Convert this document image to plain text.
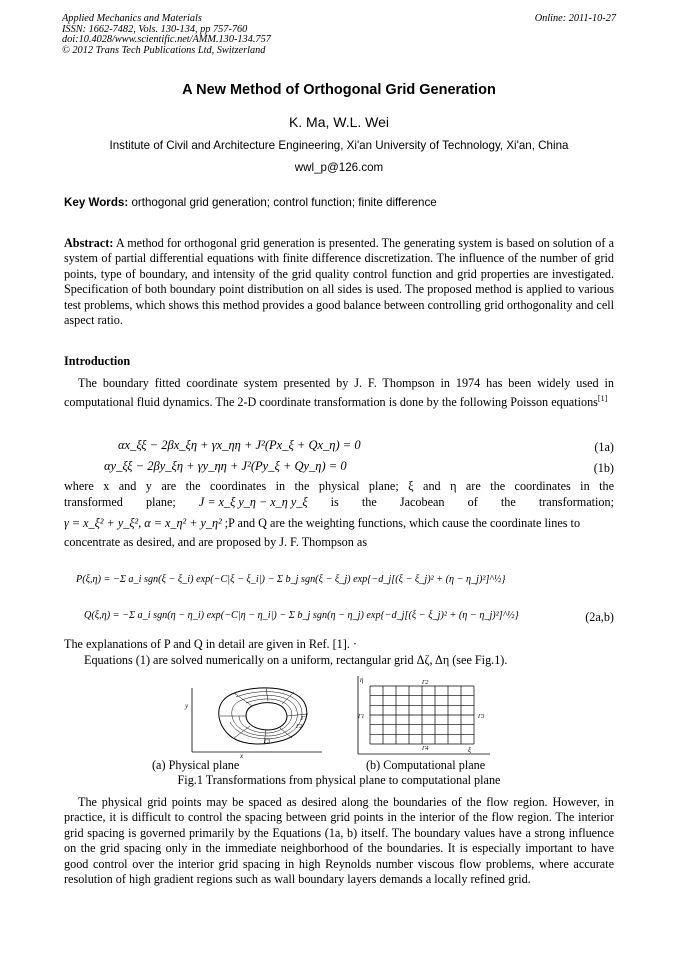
Applied Mechanics and Materials
ISSN: 1662-7482, Vols. 130-134, pp 757-760
doi:10.4028/www.scientific.net/AMM.130-134.757
© 2012 Trans Tech Publications Ltd, Switzerland
Online: 2011-10-27
A New Method of Orthogonal Grid Generation
K. Ma, W.L. Wei
Institute of Civil and Architecture Engineering, Xi'an University of Technology, Xi'an, China
wwl_p@126.com
Key Words: orthogonal grid generation; control function; finite difference
Abstract: A method for orthogonal grid generation is presented. The generating system is based on solution of a system of partial differential equations with finite difference discretization. The influence of the number of grid points, type of boundary, and intensity of the grid quality control function and grid properties are investigated. Specification of both boundary point distribution on all sides is used. The proposed method is applied to various test problems, which shows this method provides a good balance between controlling grid orthogonality and cell aspect ratio.
Introduction
The boundary fitted coordinate system presented by J. F. Thompson in 1974 has been widely used in computational fluid dynamics. The 2-D coordinate transformation is done by the following Poisson equations[1]
αx_ξξ − 2βx_ξη + γx_ηη + J²(Px_ξ + Qx_η) = 0	(1a)
αy_ξξ − 2βy_ξη + γy_ηη + J²(Py_ξ + Qy_η) = 0	(1b)
where x and y are the coordinates in the physical plane; ξ and η are the coordinates in the
transformed plane; J = x_ξ y_η − x_η y_ξ is the Jacobean of the transformation;
γ = x_ξ² + y_ξ², α = x_η² + y_η² ;P and Q are the weighting functions, which cause the coordinate lines to
concentrate as desired, and are proposed by J. F. Thompson as
P(ξ,η) = −Σ a_i sgn(ξ − ξ_i) exp(−C|ξ − ξ_i|) − Σ b_j sgn(ξ − ξ_j) exp{−d_j[(ξ − ξ_j)² + (η − η_j)²]^½}
Q(ξ,η) = −Σ a_i sgn(η − η_i) exp(−C|η − η_i|) − Σ b_j sgn(η − η_j) exp{−d_j[(ξ − ξ_j)² + (η − η_j)²]^½}	(2a,b)
The explanations of P and Q in detail are given in Ref. [1]. ·
Equations (1) are solved numerically on a uniform, rectangular grid Δζ, Δη (see Fig.1).
y
x
Γ1
Γ2
Γ3
η
ξ
Γ2
Γ1	Γ3
Γ4
(a) Physical plane	(b) Computational plane
Fig.1 Transformations from physical plane to computational plane
The physical grid points may be spaced as desired along the boundaries of the flow region. However, in practice, it is difficult to control the spacing between grid points in the interior of the flow region. The interior grid spacing is governed primarily by the Equations (1a, b) itself. The boundary values have a strong influence on the grid spacing only in the immediate neighborhood of the boundaries. It is especially important to have good control over the interior grid spacing in high Reynolds number viscous flow problems, where accurate resolution of high gradient regions such as wall boundary layers demands a locally refined grid.
